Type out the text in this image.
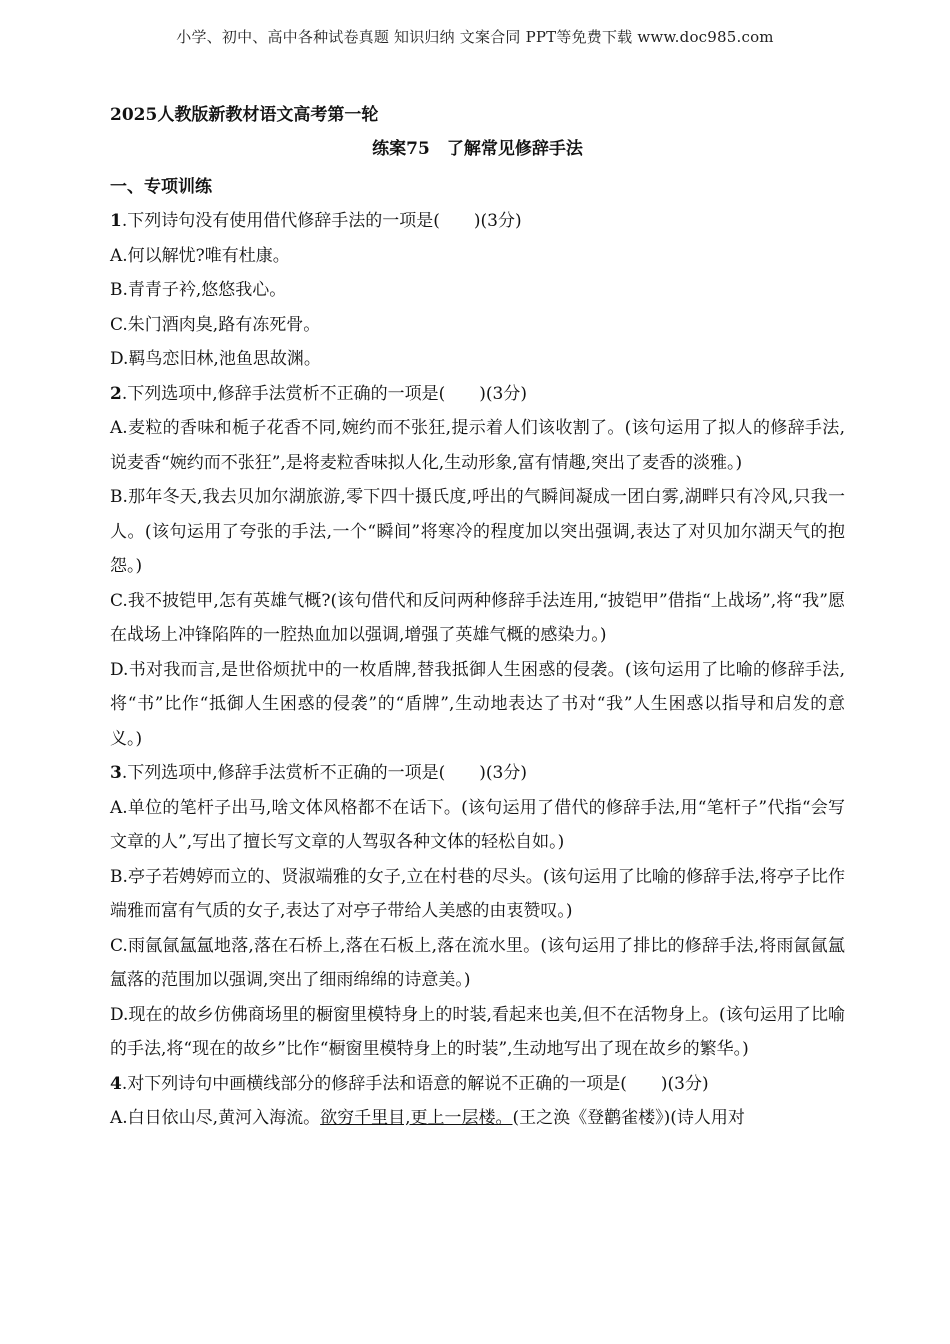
小学、初中、高中各种试卷真题 知识归纳 文案合同 PPT等免费下载 www.doc985.com
2025人教版新教材语文高考第一轮
练案75　了解常见修辞手法
一、专项训练
1.下列诗句没有使用借代修辞手法的一项是(　　)(3分)
A.何以解忧?唯有杜康。
B.青青子衿,悠悠我心。
C.朱门酒肉臭,路有冻死骨。
D.羁鸟恋旧林,池鱼思故渊。
2.下列选项中,修辞手法赏析不正确的一项是(　　)(3分)
A.麦粒的香味和栀子花香不同,婉约而不张狂,提示着人们该收割了。(该句运用了拟人的修辞手法,说麦香“婉约而不张狂”,是将麦粒香味拟人化,生动形象,富有情趣,突出了麦香的淡雅。)
B.那年冬天,我去贝加尔湖旅游,零下四十摄氏度,呼出的气瞬间凝成一团白雾,湖畔只有冷风,只我一人。(该句运用了夸张的手法,一个“瞬间”将寒冷的程度加以突出强调,表达了对贝加尔湖天气的抱怨。)
C.我不披铠甲,怎有英雄气概?(该句借代和反问两种修辞手法连用,“披铠甲”借指“上战场”,将“我”愿在战场上冲锋陷阵的一腔热血加以强调,增强了英雄气概的感染力。)
D.书对我而言,是世俗烦扰中的一枚盾牌,替我抵御人生困惑的侵袭。(该句运用了比喻的修辞手法,将“书”比作“抵御人生困惑的侵袭”的“盾牌”,生动地表达了书对“我”人生困惑以指导和启发的意义。)
3.下列选项中,修辞手法赏析不正确的一项是(　　)(3分)
A.单位的笔杆子出马,啥文体风格都不在话下。(该句运用了借代的修辞手法,用“笔杆子”代指“会写文章的人”,写出了擅长写文章的人驾驭各种文体的轻松自如。)
B.亭子若娉婷而立的、贤淑端雅的女子,立在村巷的尽头。(该句运用了比喻的修辞手法,将亭子比作端雅而富有气质的女子,表达了对亭子带给人美感的由衷赞叹。)
C.雨氤氤氲氲地落,落在石桥上,落在石板上,落在流水里。(该句运用了排比的修辞手法,将雨氤氤氲氲落的范围加以强调,突出了细雨绵绵的诗意美。)
D.现在的故乡仿佛商场里的橱窗里模特身上的时装,看起来也美,但不在活物身上。(该句运用了比喻的手法,将“现在的故乡”比作“橱窗里模特身上的时装”,生动地写出了现在故乡的繁华。)
4.对下列诗句中画横线部分的修辞手法和语意的解说不正确的一项是(　　)(3分)
A.白日依山尽,黄河入海流。欲穷千里目,更上一层楼。(王之涣《登鹳雀楼》)(诗人用对
